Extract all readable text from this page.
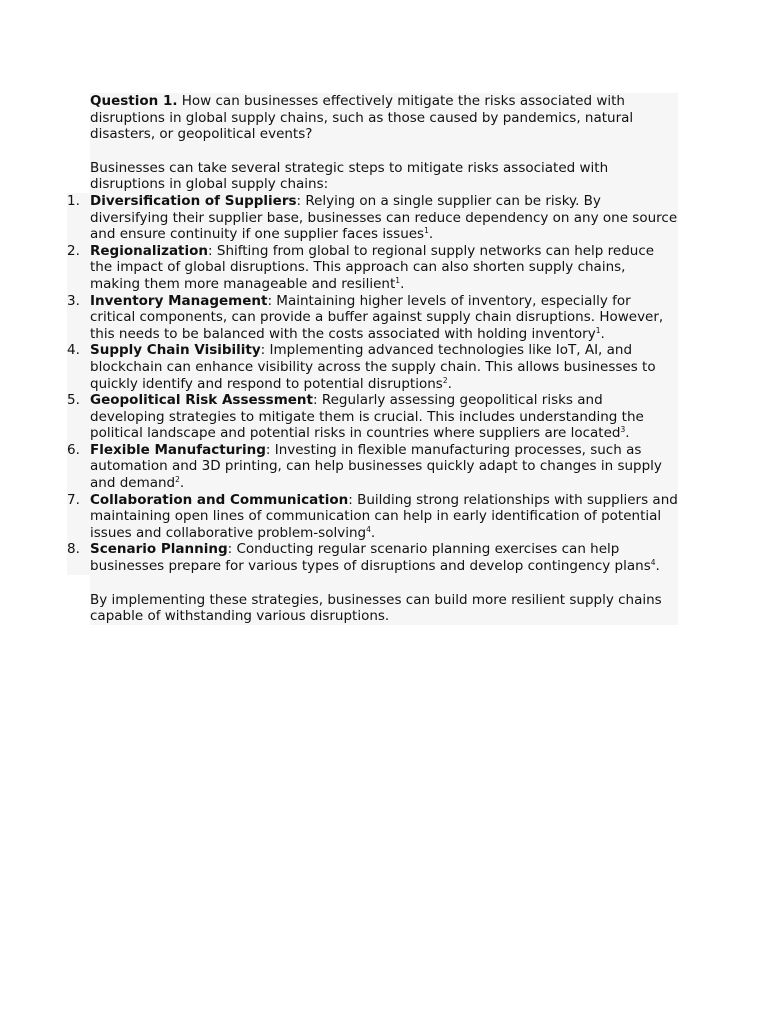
Question 1. How can businesses effectively mitigate the risks associated with disruptions in global supply chains, such as those caused by pandemics, natural disasters, or geopolitical events?

Businesses can take several strategic steps to mitigate risks associated with disruptions in global supply chains:

1. Diversification of Suppliers: Relying on a single supplier can be risky. By diversifying their supplier base, businesses can reduce dependency on any one source and ensure continuity if one supplier faces issues$^1$.
2. Regionalization: Shifting from global to regional supply networks can help reduce the impact of global disruptions. This approach can also shorten supply chains, making them more manageable and resilient$^1$.
3. Inventory Management: Maintaining higher levels of inventory, especially for critical components, can provide a buffer against supply chain disruptions. However, this needs to be balanced with the costs associated with holding inventory$^1$.
4. Supply Chain Visibility: Implementing advanced technologies like IoT, AI, and blockchain can enhance visibility across the supply chain. This allows businesses to quickly identify and respond to potential disruptions$^2$.
5. Geopolitical Risk Assessment: Regularly assessing geopolitical risks and developing strategies to mitigate them is crucial. This includes understanding the political landscape and potential risks in countries where suppliers are located$^3$.
6. Flexible Manufacturing: Investing in flexible manufacturing processes, such as automation and 3D printing, can help businesses quickly adapt to changes in supply and demand$^2$.
7. Collaboration and Communication: Building strong relationships with suppliers and maintaining open lines of communication can help in early identification of potential issues and collaborative problem-solving$^4$.
8. Scenario Planning: Conducting regular scenario planning exercises can help businesses prepare for various types of disruptions and develop contingency plans$^4$.

By implementing these strategies, businesses can build more resilient supply chains capable of withstanding various disruptions.
